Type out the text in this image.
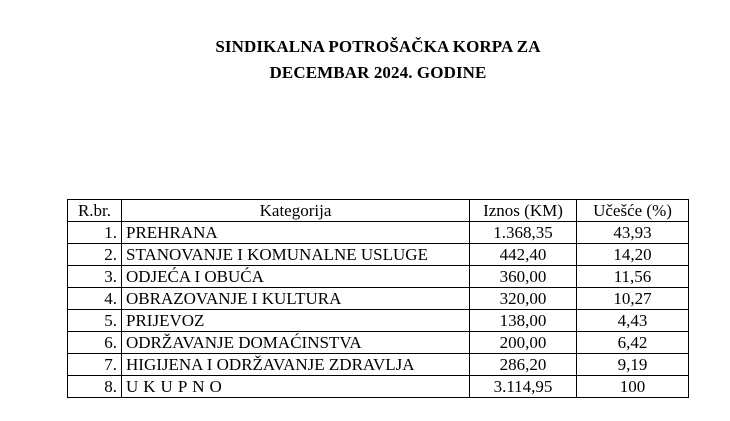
SINDIKALNA POTROŠAČKA KORPA ZA
DECEMBAR 2024. GODINE
R.br.	Kategorija	Iznos (KM)	Učešće (%)
1.	PREHRANA	1.368,35	43,93
2.	STANOVANJE I KOMUNALNE USLUGE	442,40	14,20
3.	ODJEĆA I OBUĆA	360,00	11,56
4.	OBRAZOVANJE I KULTURA	320,00	10,27
5.	PRIJEVOZ	138,00	4,43
6.	ODRŽAVANJE DOMAĆINSTVA	200,00	6,42
7.	HIGIJENA I ODRŽAVANJE ZDRAVLJA	286,20	9,19
8.	UKUPNO	3.114,95	100
